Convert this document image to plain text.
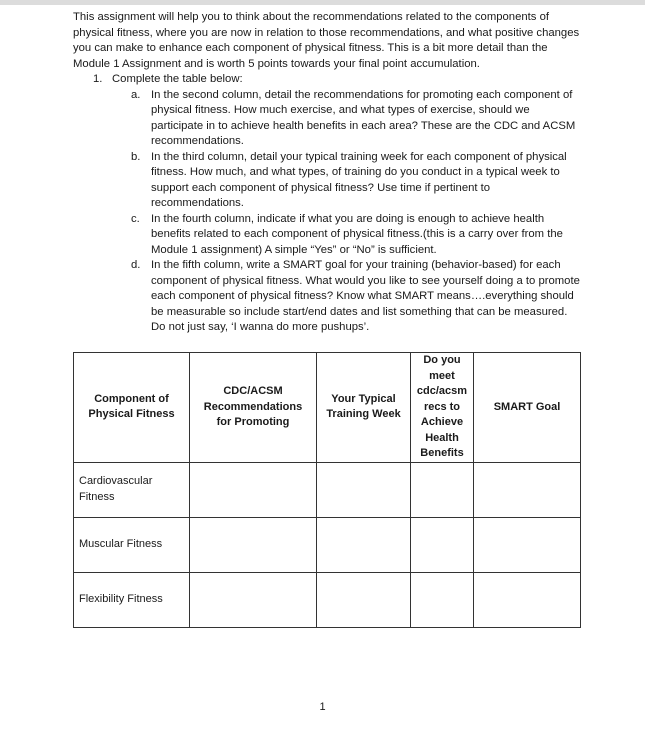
This assignment will help you to think about the recommendations related to the components of physical fitness, where you are now in relation to those recommendations, and what positive changes you can make to enhance each component of physical fitness. This is a bit more detail than the Module 1 Assignment and is worth 5 points towards your final point accumulation.

1. Complete the table below:
a. In the second column, detail the recommendations for promoting each component of physical fitness. How much exercise, and what types of exercise, should we participate in to achieve health benefits in each area? These are the CDC and ACSM recommendations.
b. In the third column, detail your typical training week for each component of physical fitness. How much, and what types, of training do you conduct in a typical week to support each component of physical fitness? Use time if pertinent to recommendations.
c. In the fourth column, indicate if what you are doing is enough to achieve health benefits related to each component of physical fitness.(this is a carry over from the Module 1 assignment) A simple “Yes” or “No” is sufficient.
d. In the fifth column, write a SMART goal for your training (behavior-based) for each component of physical fitness. What would you like to see yourself doing a to promote each component of physical fitness? Know what SMART means….everything should be measurable so include start/end dates and list something that can be measured. Do not just say, ‘I wanna do more pushups’.
Component of Physical Fitness	CDC/ACSM Recommendations for Promoting	Your Typical Training Week	Do you meet cdc/acsm recs to Achieve Health Benefits	SMART Goal
Cardiovascular Fitness				
Muscular Fitness				
Flexibility Fitness				
1
